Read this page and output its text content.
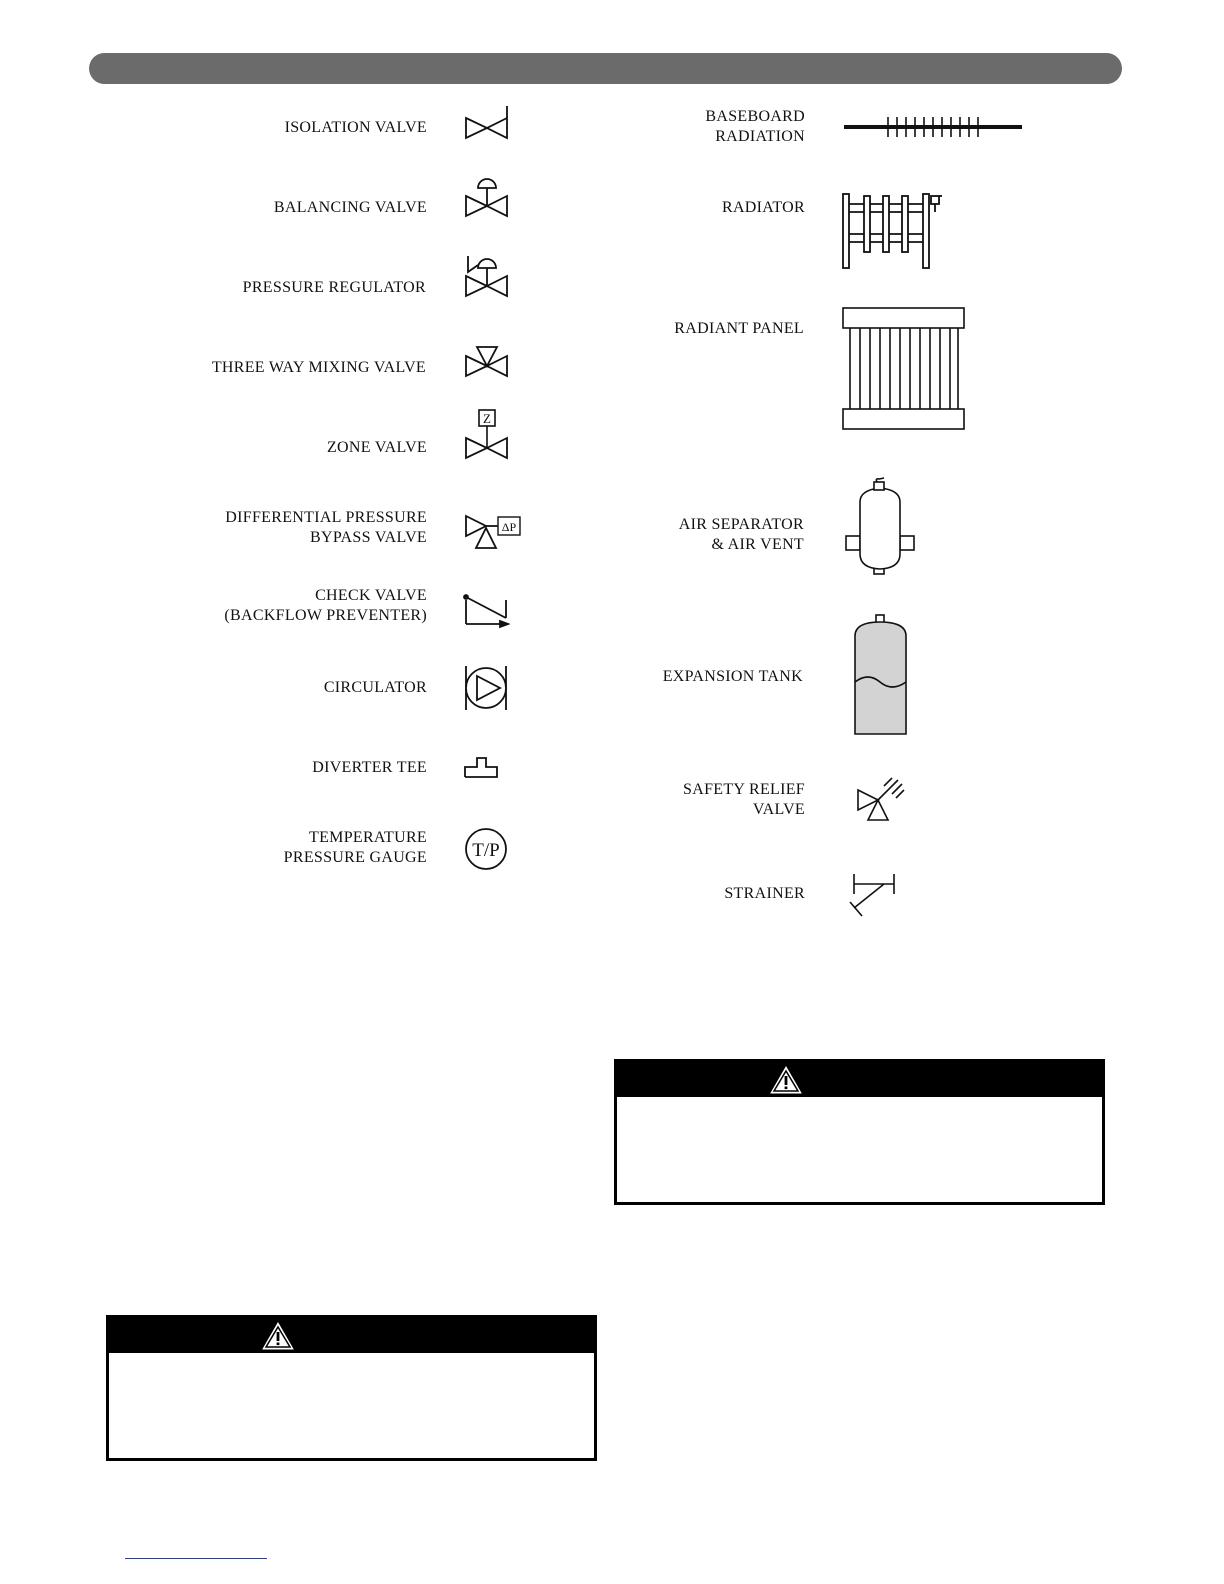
ISOLATION VALVE
BALANCING VALVE
PRESSURE REGULATOR
THREE WAY MIXING VALVE
ZONE VALVE
DIFFERENTIAL PRESSURE
BYPASS VALVE
CHECK VALVE
(BACKFLOW PREVENTER)
CIRCULATOR
DIVERTER TEE
TEMPERATURE
PRESSURE GAUGE
BASEBOARD
RADIATION
RADIATOR
RADIANT PANEL
AIR SEPARATOR
& AIR VENT
EXPANSION TANK
SAFETY RELIEF
VALVE
STRAINER
Z
ΔP
T/P
